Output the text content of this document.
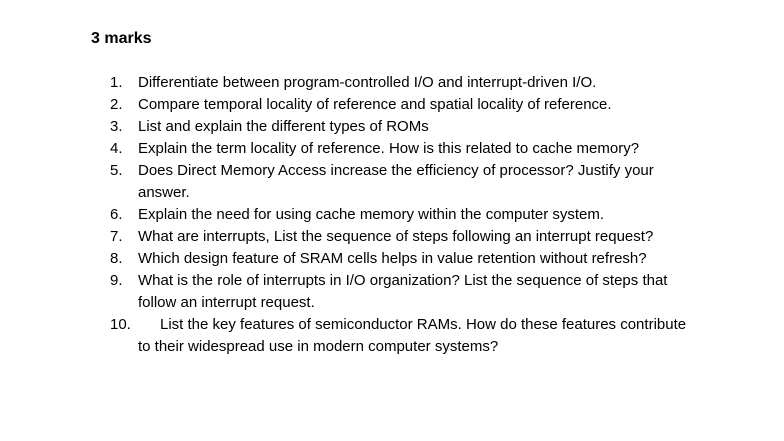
3 marks
1.	Differentiate between program-controlled I/O and interrupt-driven I/O.
2.	Compare temporal locality of reference and spatial locality of reference.
3.	List and explain the different types of ROMs
4.	Explain the term locality of reference. How is this related to cache memory?
5.	Does Direct Memory Access increase the efficiency of processor? Justify your answer.
6.	Explain the need for using cache memory within the computer system.
7.	What are interrupts, List the sequence of steps following an interrupt request?
8.	Which design feature of SRAM cells helps in value retention without refresh?
9.	What is the role of interrupts in I/O organization? List the sequence of steps that follow an interrupt request.
10. List the key features of semiconductor RAMs. How do these features contribute to their widespread use in modern computer systems?
